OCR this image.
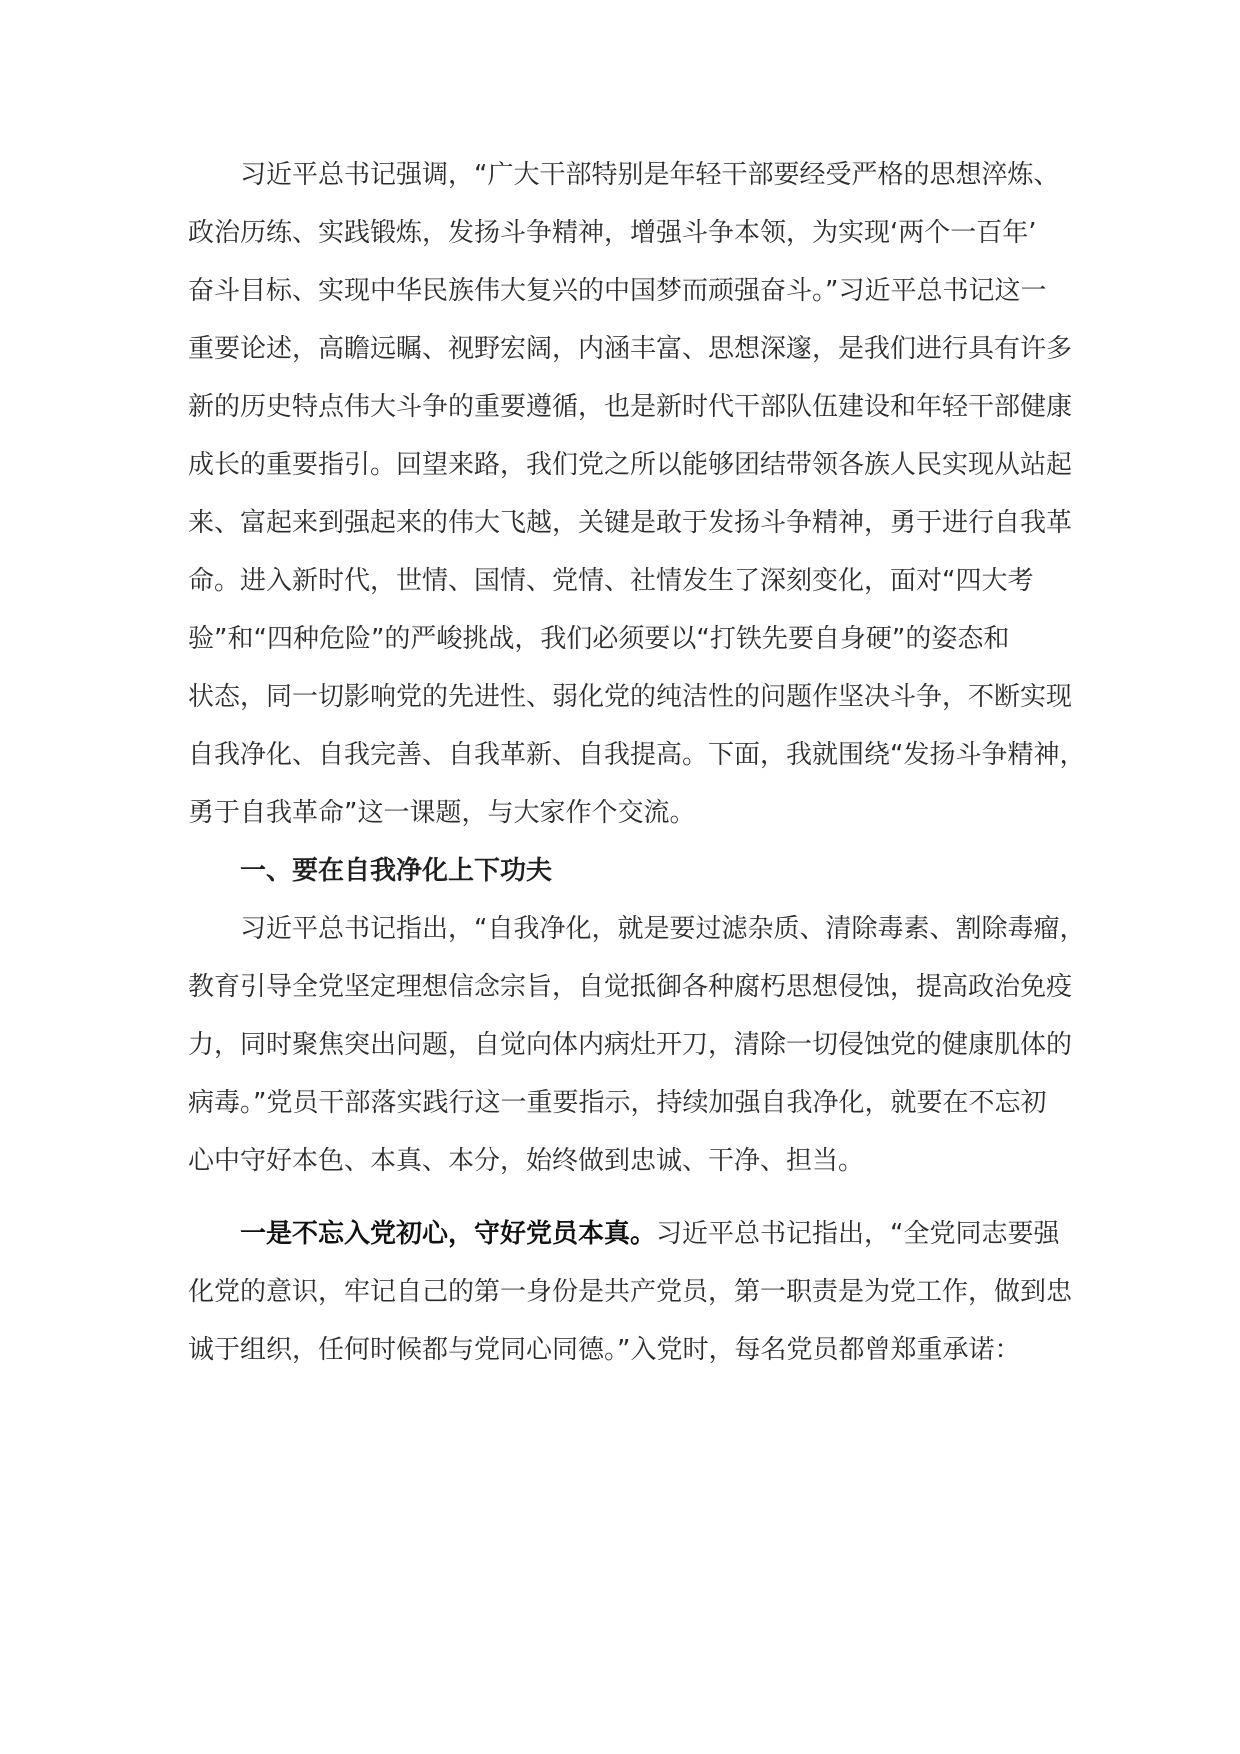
习近平总书记强调，“广大干部特别是年轻干部要经受严格的思想淬炼、
政治历练、实践锻炼，发扬斗争精神，增强斗争本领，为实现‘两个一百年’
奋斗目标、实现中华民族伟大复兴的中国梦而顽强奋斗。”习近平总书记这一
重要论述，高瞻远瞩、视野宏阔，内涵丰富、思想深邃，是我们进行具有许多
新的历史特点伟大斗争的重要遵循，也是新时代干部队伍建设和年轻干部健康
成长的重要指引。回望来路，我们党之所以能够团结带领各族人民实现从站起
来、富起来到强起来的伟大飞越，关键是敢于发扬斗争精神，勇于进行自我革
命。进入新时代，世情、国情、党情、社情发生了深刻变化，面对“四大考
验”和“四种危险”的严峻挑战，我们必须要以“打铁先要自身硬”的姿态和
状态，同一切影响党的先进性、弱化党的纯洁性的问题作坚决斗争，不断实现
自我净化、自我完善、自我革新、自我提高。下面，我就围绕“发扬斗争精神，
勇于自我革命”这一课题，与大家作个交流。
一、要在自我净化上下功夫
习近平总书记指出，“自我净化，就是要过滤杂质、清除毒素、割除毒瘤，
教育引导全党坚定理想信念宗旨，自觉抵御各种腐朽思想侵蚀，提高政治免疫
力，同时聚焦突出问题，自觉向体内病灶开刀，清除一切侵蚀党的健康肌体的
病毒。”党员干部落实践行这一重要指示，持续加强自我净化，就要在不忘初
心中守好本色、本真、本分，始终做到忠诚、干净、担当。
一是不忘入党初心，守好党员本真。习近平总书记指出，“全党同志要强
化党的意识，牢记自己的第一身份是共产党员，第一职责是为党工作，做到忠
诚于组织，任何时候都与党同心同德。”入党时，每名党员都曾郑重承诺：
